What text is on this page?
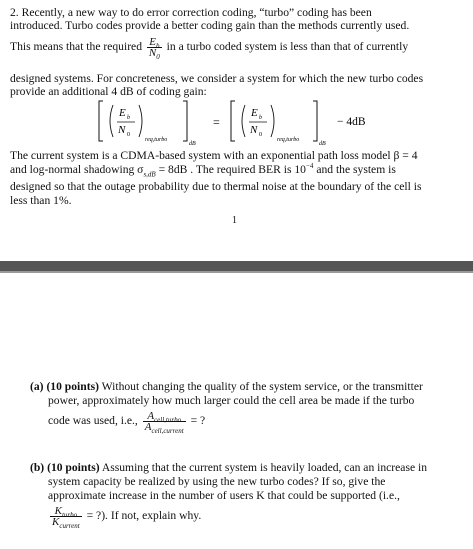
2. Recently, a new way to do error correction coding, “turbo” coding has been
introduced. Turbo codes provide a better coding gain than the methods currently used.
This means that the required $\frac{E_b}{N_0}$ in a turbo coded system is less than that of currently
designed systems. For concreteness, we consider a system for which the new turbo codes
provide an additional 4 dB of coding gain:
E b
N 0
req,turbo
dB
=
E b
N 0
req,turbo
dB
− 4dB
The current system is a CDMA-based system with an exponential path loss model β = 4
and log-normal shadowing $\sigma_{s,dB} = 8dB$ . The required BER is $10^{-4}$ and the system is
designed so that the outage probability due to thermal noise at the boundary of the cell is
less than 1%.
1
(a) (10 points) Without changing the quality of the system service, or the transmitter
power, approximately how much larger could the cell area be made if the turbo
code was used, i.e., $\frac{A_{cell,turbo}}{A_{cell,current}}$ = ?
(b) (10 points) Assuming that the current system is heavily loaded, can an increase in
system capacity be realized by using the new turbo codes? If so, give the
approximate increase in the number of users K that could be supported (i.e.,
$\frac{K_{turbo}}{K_{current}}$ = ?). If not, explain why.
